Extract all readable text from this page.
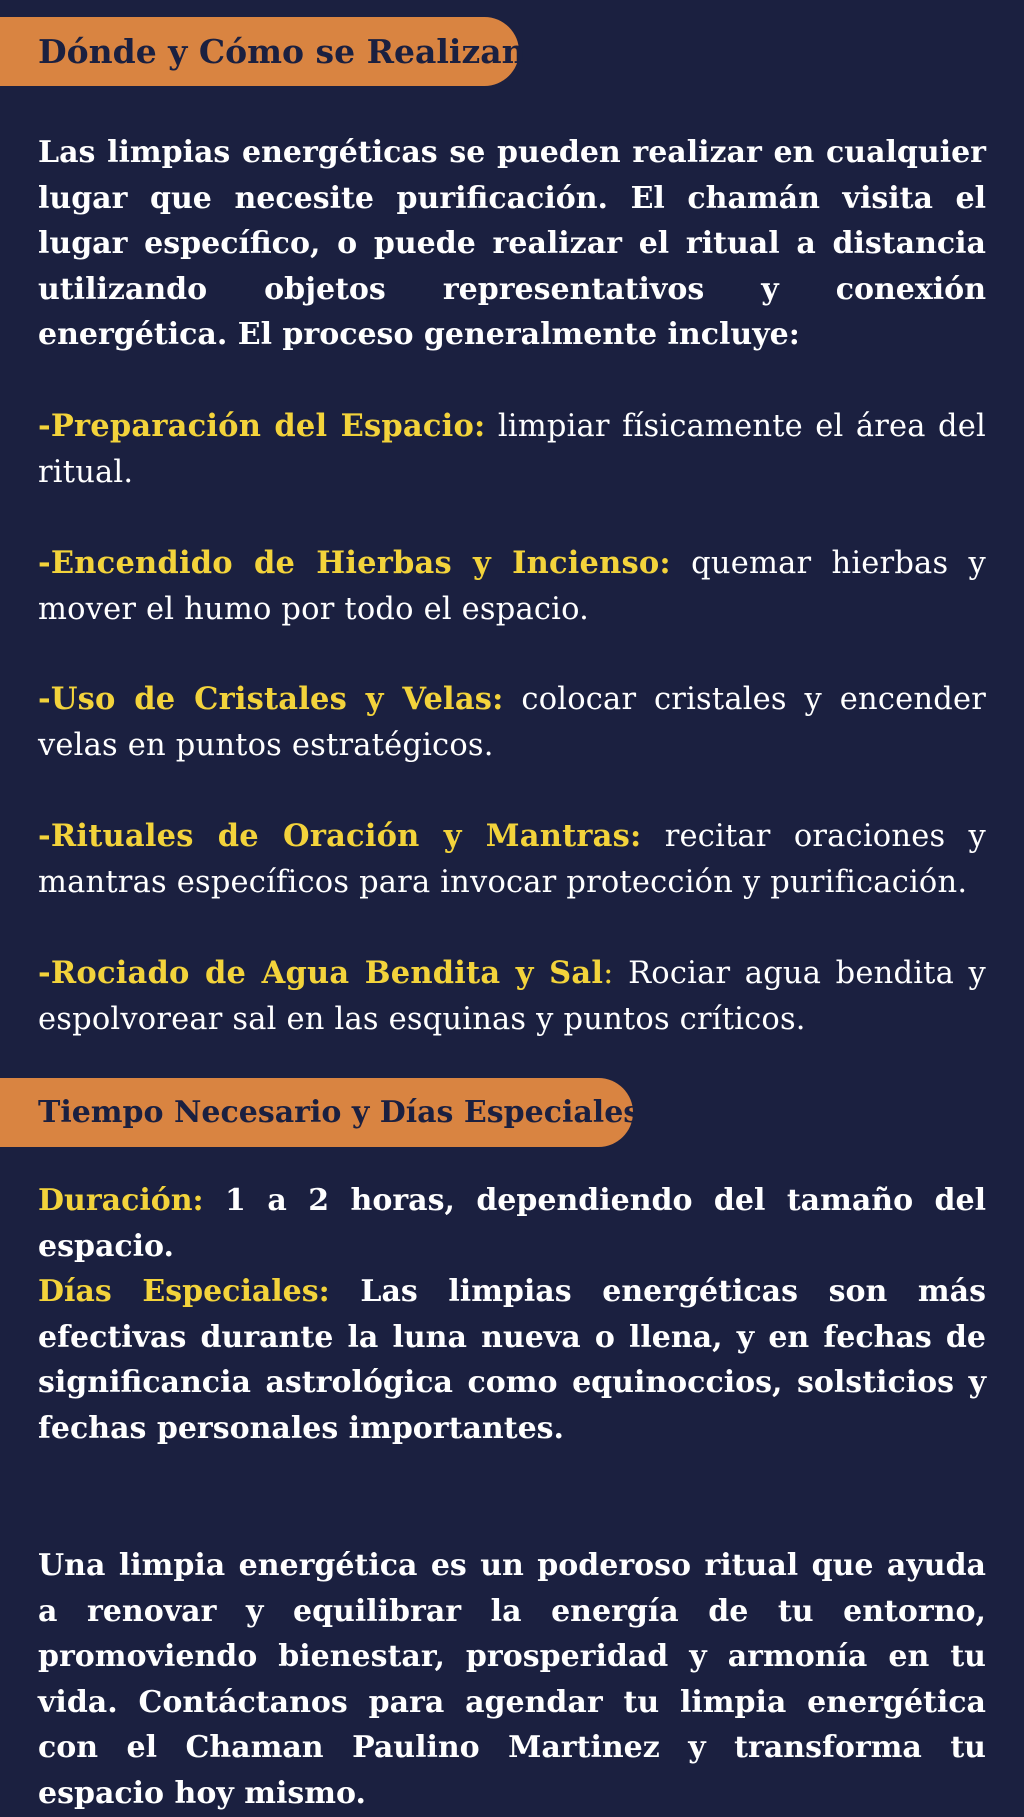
Dónde y Cómo se Realizan

Las limpias energéticas se pueden realizar en cualquier lugar que necesite purificación. El chamán visita el lugar específico, o puede realizar el ritual a distancia utilizando objetos representativos y conexión energética. El proceso generalmente incluye:

-Preparación del Espacio: limpiar físicamente el área del ritual.

-Encendido de Hierbas y Incienso: quemar hierbas y mover el humo por todo el espacio.

-Uso de Cristales y Velas: colocar cristales y encender velas en puntos estratégicos.

-Rituales de Oración y Mantras: recitar oraciones y mantras específicos para invocar protección y purificación.

-Rociado de Agua Bendita y Sal: Rociar agua bendita y espolvorear sal en las esquinas y puntos críticos.

Tiempo Necesario y Días Especiales

Duración: 1 a 2 horas, dependiendo del tamaño del espacio.

Días Especiales: Las limpias energéticas son más efectivas durante la luna nueva o llena, y en fechas de significancia astrológica como equinoccios, solsticios y fechas personales importantes.

Una limpia energética es un poderoso ritual que ayuda a renovar y equilibrar la energía de tu entorno, promoviendo bienestar, prosperidad y armonía en tu vida. Contáctanos para agendar tu limpia energética con el Chaman Paulino Martinez y transforma tu espacio hoy mismo.
